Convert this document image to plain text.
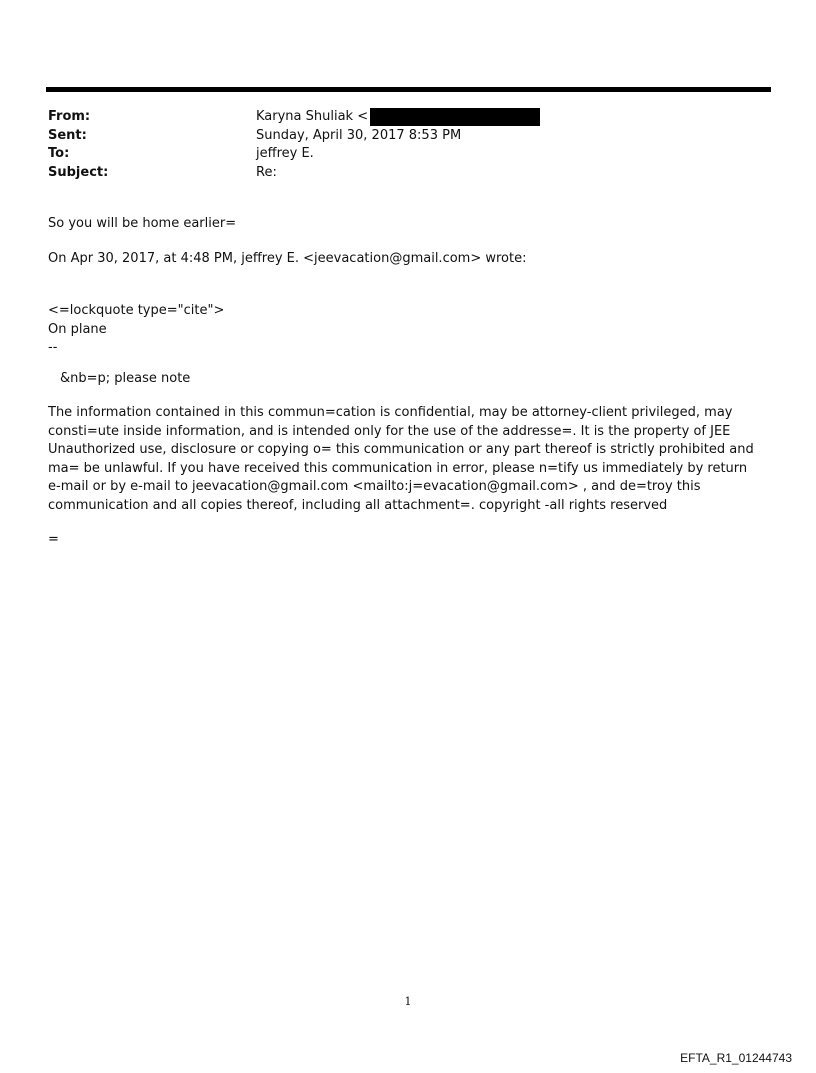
From:	Karyna Shuliak <
Sent:	Sunday, April 30, 2017 8:53 PM
To:	jeffrey E.
Subject:	Re:
So you will be home earlier=
On Apr 30, 2017, at 4:48 PM, jeffrey E. <jeevacation@gmail.com> wrote:
<=lockquote type="cite">
On plane
--
&nb=p; please note

The information contained in this commun=cation is confidential, may be attorney-client privileged, may consti=ute inside information, and is intended only for the use of the addresse=. It is the property of JEE Unauthorized use, disclosure or copying o= this communication or any part thereof is strictly prohibited and ma= be unlawful. If you have received this communication in error, please n=tify us immediately by return e-mail or by e-mail to jeevacation@gmail.com <mailto:j=evacation@gmail.com> , and de=troy this communication and all copies thereof, including all attachment=. copyright -all rights reserved

=
1
EFTA_R1_01244743
